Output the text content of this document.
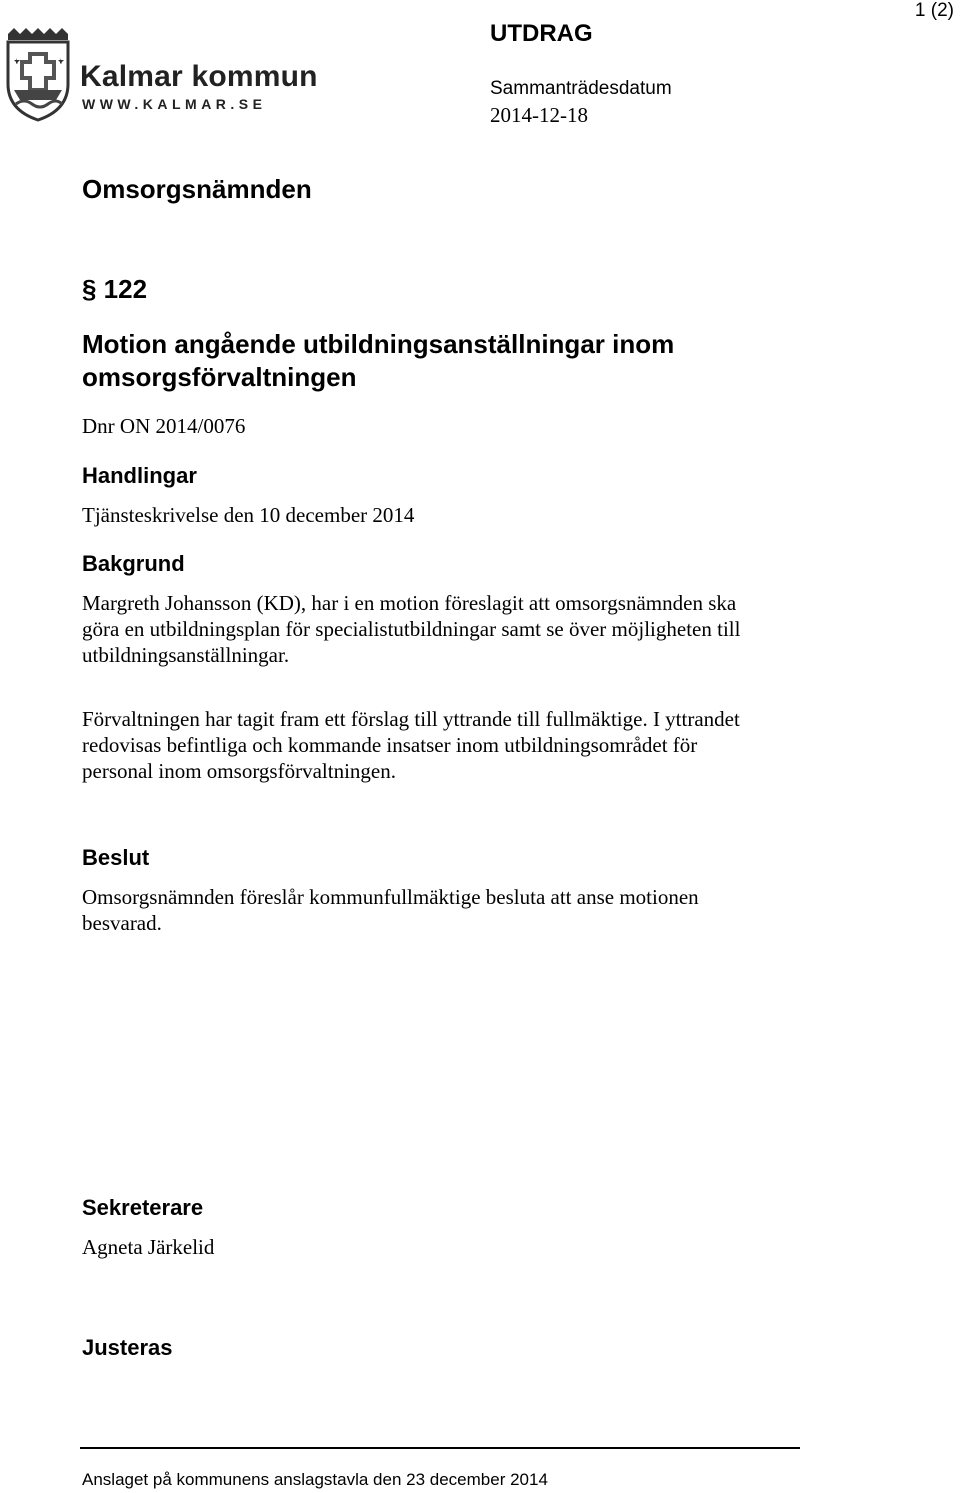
1 (2)
Kalmar kommun
WWW.KALMAR.SE
UTDRAG
Sammanträdesdatum
2014-12-18
Omsorgsnämnden
§ 122
Motion angående utbildningsanställningar inom
omsorgsförvaltningen
Dnr ON 2014/0076
Handlingar
Tjänsteskrivelse den 10 december 2014
Bakgrund
Margreth Johansson (KD), har i en motion föreslagit att omsorgsnämnden ska
göra en utbildningsplan för specialistutbildningar samt se över möjligheten till
utbildningsanställningar.
Förvaltningen har tagit fram ett förslag till yttrande till fullmäktige. I yttrandet
redovisas befintliga och kommande insatser inom utbildningsområdet för
personal inom omsorgsförvaltningen.
Beslut
Omsorgsnämnden föreslår kommunfullmäktige besluta att anse motionen
besvarad.
Sekreterare
Agneta Järkelid
Justeras
Anslaget på kommunens anslagstavla den 23 december 2014
